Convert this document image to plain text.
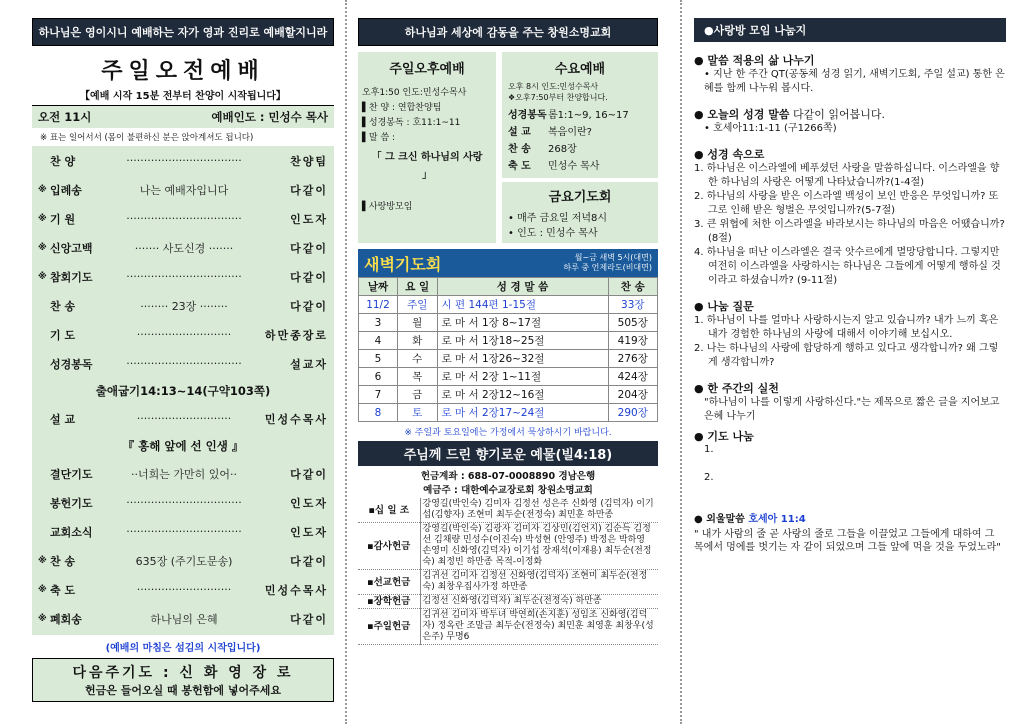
하나님은 영이시니 예배하는 자가 영과 진리로 예배할지니라
주일오전예배
【예배 시작 15분 전부터 찬양이 시작됩니다】
오전 11시	예배인도 : 민성수 목사
※ 표는 일어서서 (몸이 불편하신 분은 앉아계셔도 됩니다)
찬 양	·································	찬양팀
※ 입례송	나는 예배자입니다	다같이
※ 기 원	·································	인도자
※ 신앙고백	······· 사도신경 ·······	다같이
※ 참회기도	·································	다같이
찬 송	········ 23장 ········	다같이
기 도	···························	하만종장로
성경봉독	·································	설교자
출애굽기14:13~14(구약103쪽)
설 교	···························	민성수목사
『 홍해 앞에 선 인생 』
결단기도	··너희는 가만히 있어··	다같이
봉헌기도	·································	인도자
교회소식	·································	인도자
※ 찬 송	635장 (주기도문송)	다같이
※ 축 도	···························	민성수목사
※ 폐회송	하나님의 은혜	다같이
(예배의 마침은 섬김의 시작입니다)
다음주기도 : 신 화 영 장 로
헌금은 들어오실 때 봉헌함에 넣어주세요
하나님과 세상에 감동을 주는 창원소명교회
주일오후예배

오후1:50 인도:민성수목사

▌찬 양 : 연합찬양팀

▌성경봉독 : 호11:1~11

▌말 씀 :

「 그 크신 하나님의 사랑 」

▌사랑방모임

수요예배
오후 8시 인도:민성수목사
❖오후7:50부터 찬양합니다.
성경봉독 롬1:1~9, 16~17
설 교	복음이란?
찬 송	268장
축 도	민성수 목사
금요기도회
• 매주 금요일 저녁8시
• 인도 : 민성수 목사
새벽기도회	월~금 새벽 5시(대면)
하루 중 언제라도(비대면)
날짜	요 일	성 경 말 씀	찬 송
11/2	주일	시 편 144편 1-15절	33장
3	월	로 마 서 1장 8~17절	505장
4	화	로 마 서 1장18~25절	419장
5	수	로 마 서 1장26~32절	276장
6	목	로 마 서 2장 1~11절	424장
7	금	로 마 서 2장12~16절	204장
8	토	로 마 서 2장17~24절	290장
※ 주일과 토요일에는 가정에서 묵상하시기 바랍니다.
주님께 드린 향기로운 예물(빌4:18)
헌금계좌 : 688-07-0008890 경남은행
예금주 : 대한예수교장로회 창원소명교회
▪십 일 조	강영길(박인숙) 김미자 김정선 성은주 신화영 (김덕자) 이기섭(김향자) 조현미 최두순(전정숙) 최민훈 하만종
▪감사헌금	강영길(박인숙) 김광자 김미자 김상민(김언지) 김순득 김정선 김채량 민성수(이진숙) 박성현 (안영주) 박정은 박하영 손영미 신화영(김덕자) 이기섭 장재석(이재용) 최두순(전정숙) 최정빈 하만종 목적-이정화
▪선교헌금	김귀선 김미자 김정선 신화영(김덕자) 조현미 최두순(전정숙) 최창우집사가정 하만종
▪장학헌금	김정선 신화영(김덕자) 최두순(전정숙) 하만종
▪주일헌금	김귀선 김미자 박두녀 박연희(손지훈) 성임조 신화영(김덕자) 정옥란 조말금 최두순(전정숙) 최민훈 최영훈 최창우(성은주) 무명6
●사랑방 모임 나눔지
● 말씀 적용의 삶 나누기
• 지난 한 주간 QT(공동체 성경 읽기, 새벽기도회, 주일 설교) 통한 은혜를 함께 나누워 봅시다.
● 오늘의 성경 말씀 다같이 읽어봅니다.
• 호세아11:1-11 (구1266쪽)
● 성경 속으로
1. 하나님은 이스라엘에 베푸셨던 사랑을 말씀하십니다. 이스라엘을 향한 하나님의 사랑은 어떻게 나타났습니까?(1-4절)
2. 하나님의 사랑을 받은 이스라엘 백성이 보인 반응은 무엇입니까? 또 그로 인해 받은 형벌은 무엇입니까?(5-7절)
3. 큰 위협에 처한 이스라엘을 바라보시는 하나님의 마음은 어땠습니까?(8절)
4. 하나님을 떠난 이스라엘은 결국 앗수르에게 멸망당합니다. 그렇지만 여전히 이스라엘을 사랑하시는 하나님은 그들에게 어떻게 행하실 것이라고 하셨습니까? (9-11절)
● 나눔 질문
1. 하나님이 나를 얼마나 사랑하시는지 알고 있습니까? 내가 느끼 혹은 내가 경험한 하나님의 사랑에 대해서 이야기해 보십시오.
2. 나는 하나님의 사랑에 합당하게 행하고 있다고 생각합니까? 왜 그렇게 생각합니까?
● 한 주간의 실천
"하나님이 나를 이렇게 사랑하신다."는 제목으로 짧은 글을 지어보고 은혜 나누기
● 기도 나눔
1.
2.
● 외울말씀 호세아 11:4
" 내가 사람의 줄 곧 사랑의 줄로 그들을 이끌었고 그들에게 대하여 그 목에서 멍에를 벗기는 자 같이 되었으며 그들 앞에 먹을 것을 두었노라"
